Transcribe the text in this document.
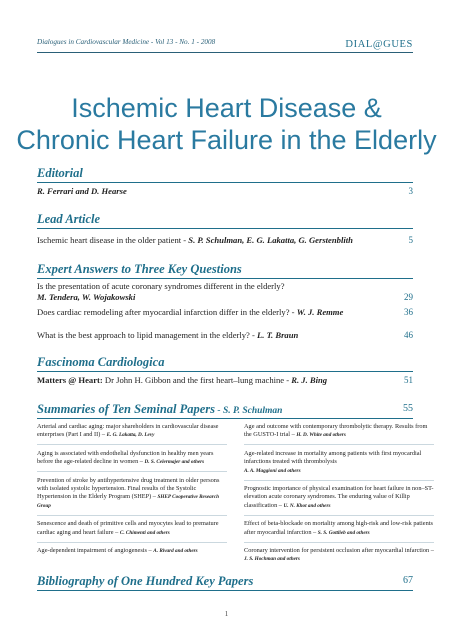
Dialogues in Cardiovascular Medicine - Vol 13 - No. 1 - 2008	DIAL@GUES
Ischemic Heart Disease &
Chronic Heart Failure in the Elderly
Editorial
R. Ferrari and D. Hearse	3
Lead Article
Ischemic heart disease in the older patient - S. P. Schulman, E. G. Lakatta, G. Gerstenblith	5
Expert Answers to Three Key Questions
Is the presentation of acute coronary syndromes different in the elderly?
M. Tendera, W. Wojakowski	29
Does cardiac remodeling after myocardial infarction differ in the elderly? - W. J. Remme	36
What is the best approach to lipid management in the elderly? - L. T. Braun	46
Fascinoma Cardiologica
Matters @ Heart: Dr John H. Gibbon and the first heart–lung machine - R. J. Bing	51
Summaries of Ten Seminal Papers - S. P. Schulman	55
Arterial and cardiac aging: major shareholders in cardiovascular disease enterprises (Part I and II) – E. G. Lakatta, D. Levy
Aging is associated with endothelial dysfunction in healthy men years before the age-related decline in women – D. S. Celermajer and others
Prevention of stroke by antihypertensive drug treatment in older persons with isolated systolic hypertension. Final results of the Systolic Hypertension in the Elderly Program (SHEP) – SHEP Cooperative Research Group
Senescence and death of primitive cells and myocytes lead to premature cardiac aging and heart failure – C. Chimenti and others
Age-dependent impairment of angiogenesis – A. Rivard and others
Age and outcome with contemporary thrombolytic therapy. Results from the GUSTO-I trial – H. D. White and others
Age-related increase in mortality among patients with first myocardial infarctions treated with thrombolysis
A. A. Maggioni and others
Prognostic importance of physical examination for heart failure in non–ST-elevation acute coronary syndromes. The enduring value of Killip classification – U. N. Khot and others
Effect of beta-blockade on mortality among high-risk and low-risk patients after myocardial infarction – S. S. Gottlieb and others
Coronary intervention for persistent occlusion after myocardial infarction – J. S. Hochman and others
Bibliography of One Hundred Key Papers	67
1
